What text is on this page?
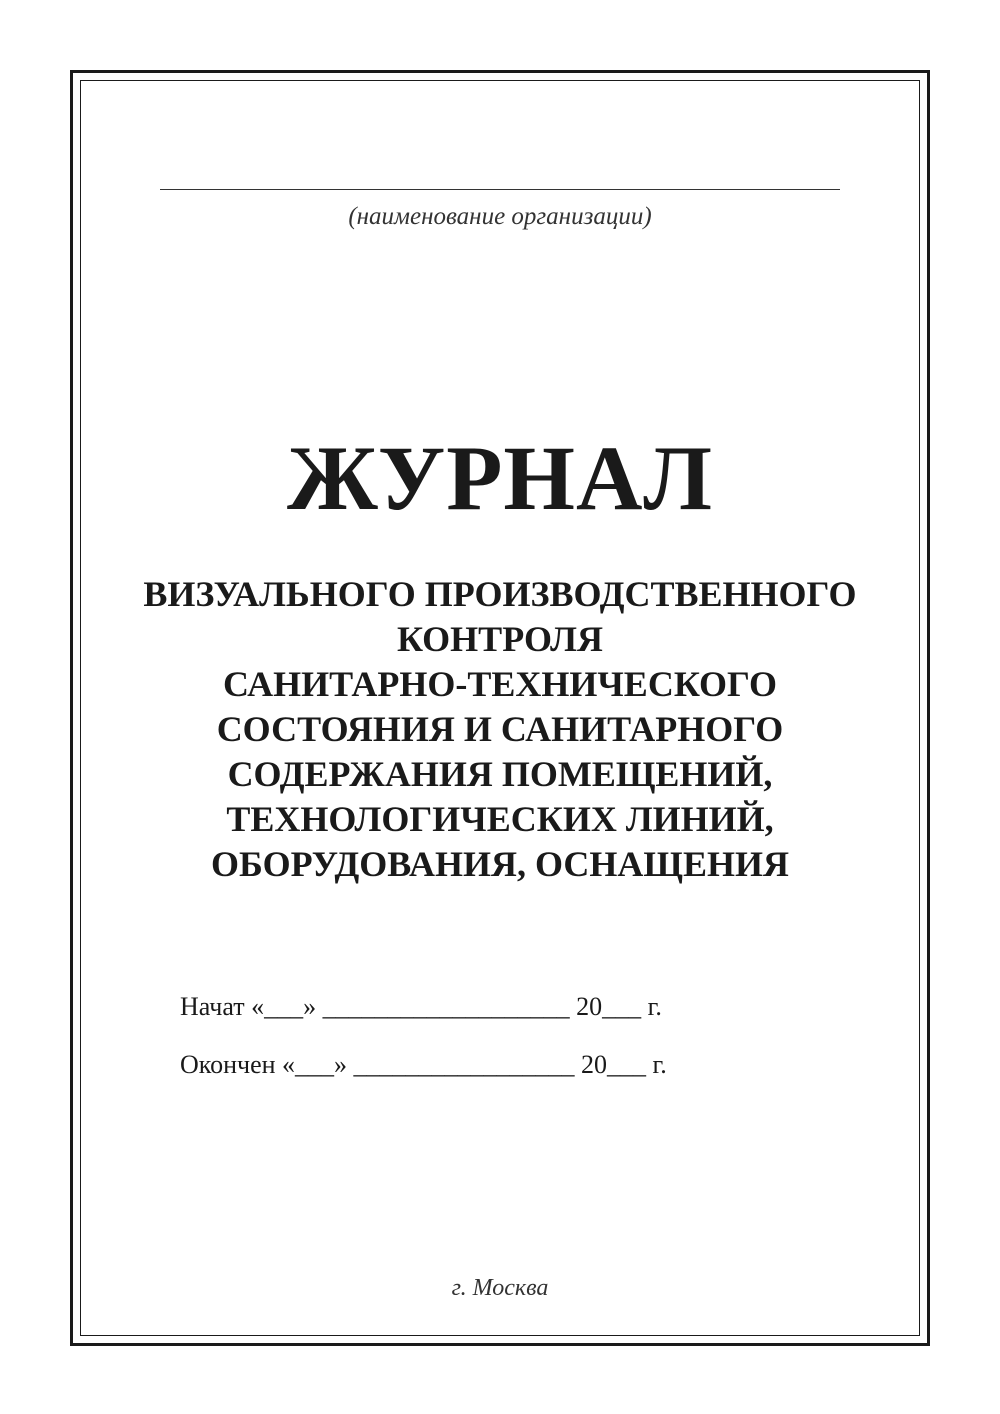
(наименование организации)
ЖУРНАЛ
ВИЗУАЛЬНОГО ПРОИЗВОДСТВЕННОГО
КОНТРОЛЯ
САНИТАРНО-ТЕХНИЧЕСКОГО
СОСТОЯНИЯ И САНИТАРНОГО
СОДЕРЖАНИЯ ПОМЕЩЕНИЙ,
ТЕХНОЛОГИЧЕСКИХ ЛИНИЙ,
ОБОРУДОВАНИЯ, ОСНАЩЕНИЯ
Начат «___» ___________________ 20___ г.
Окончен «___» _________________ 20___ г.
г. Москва
